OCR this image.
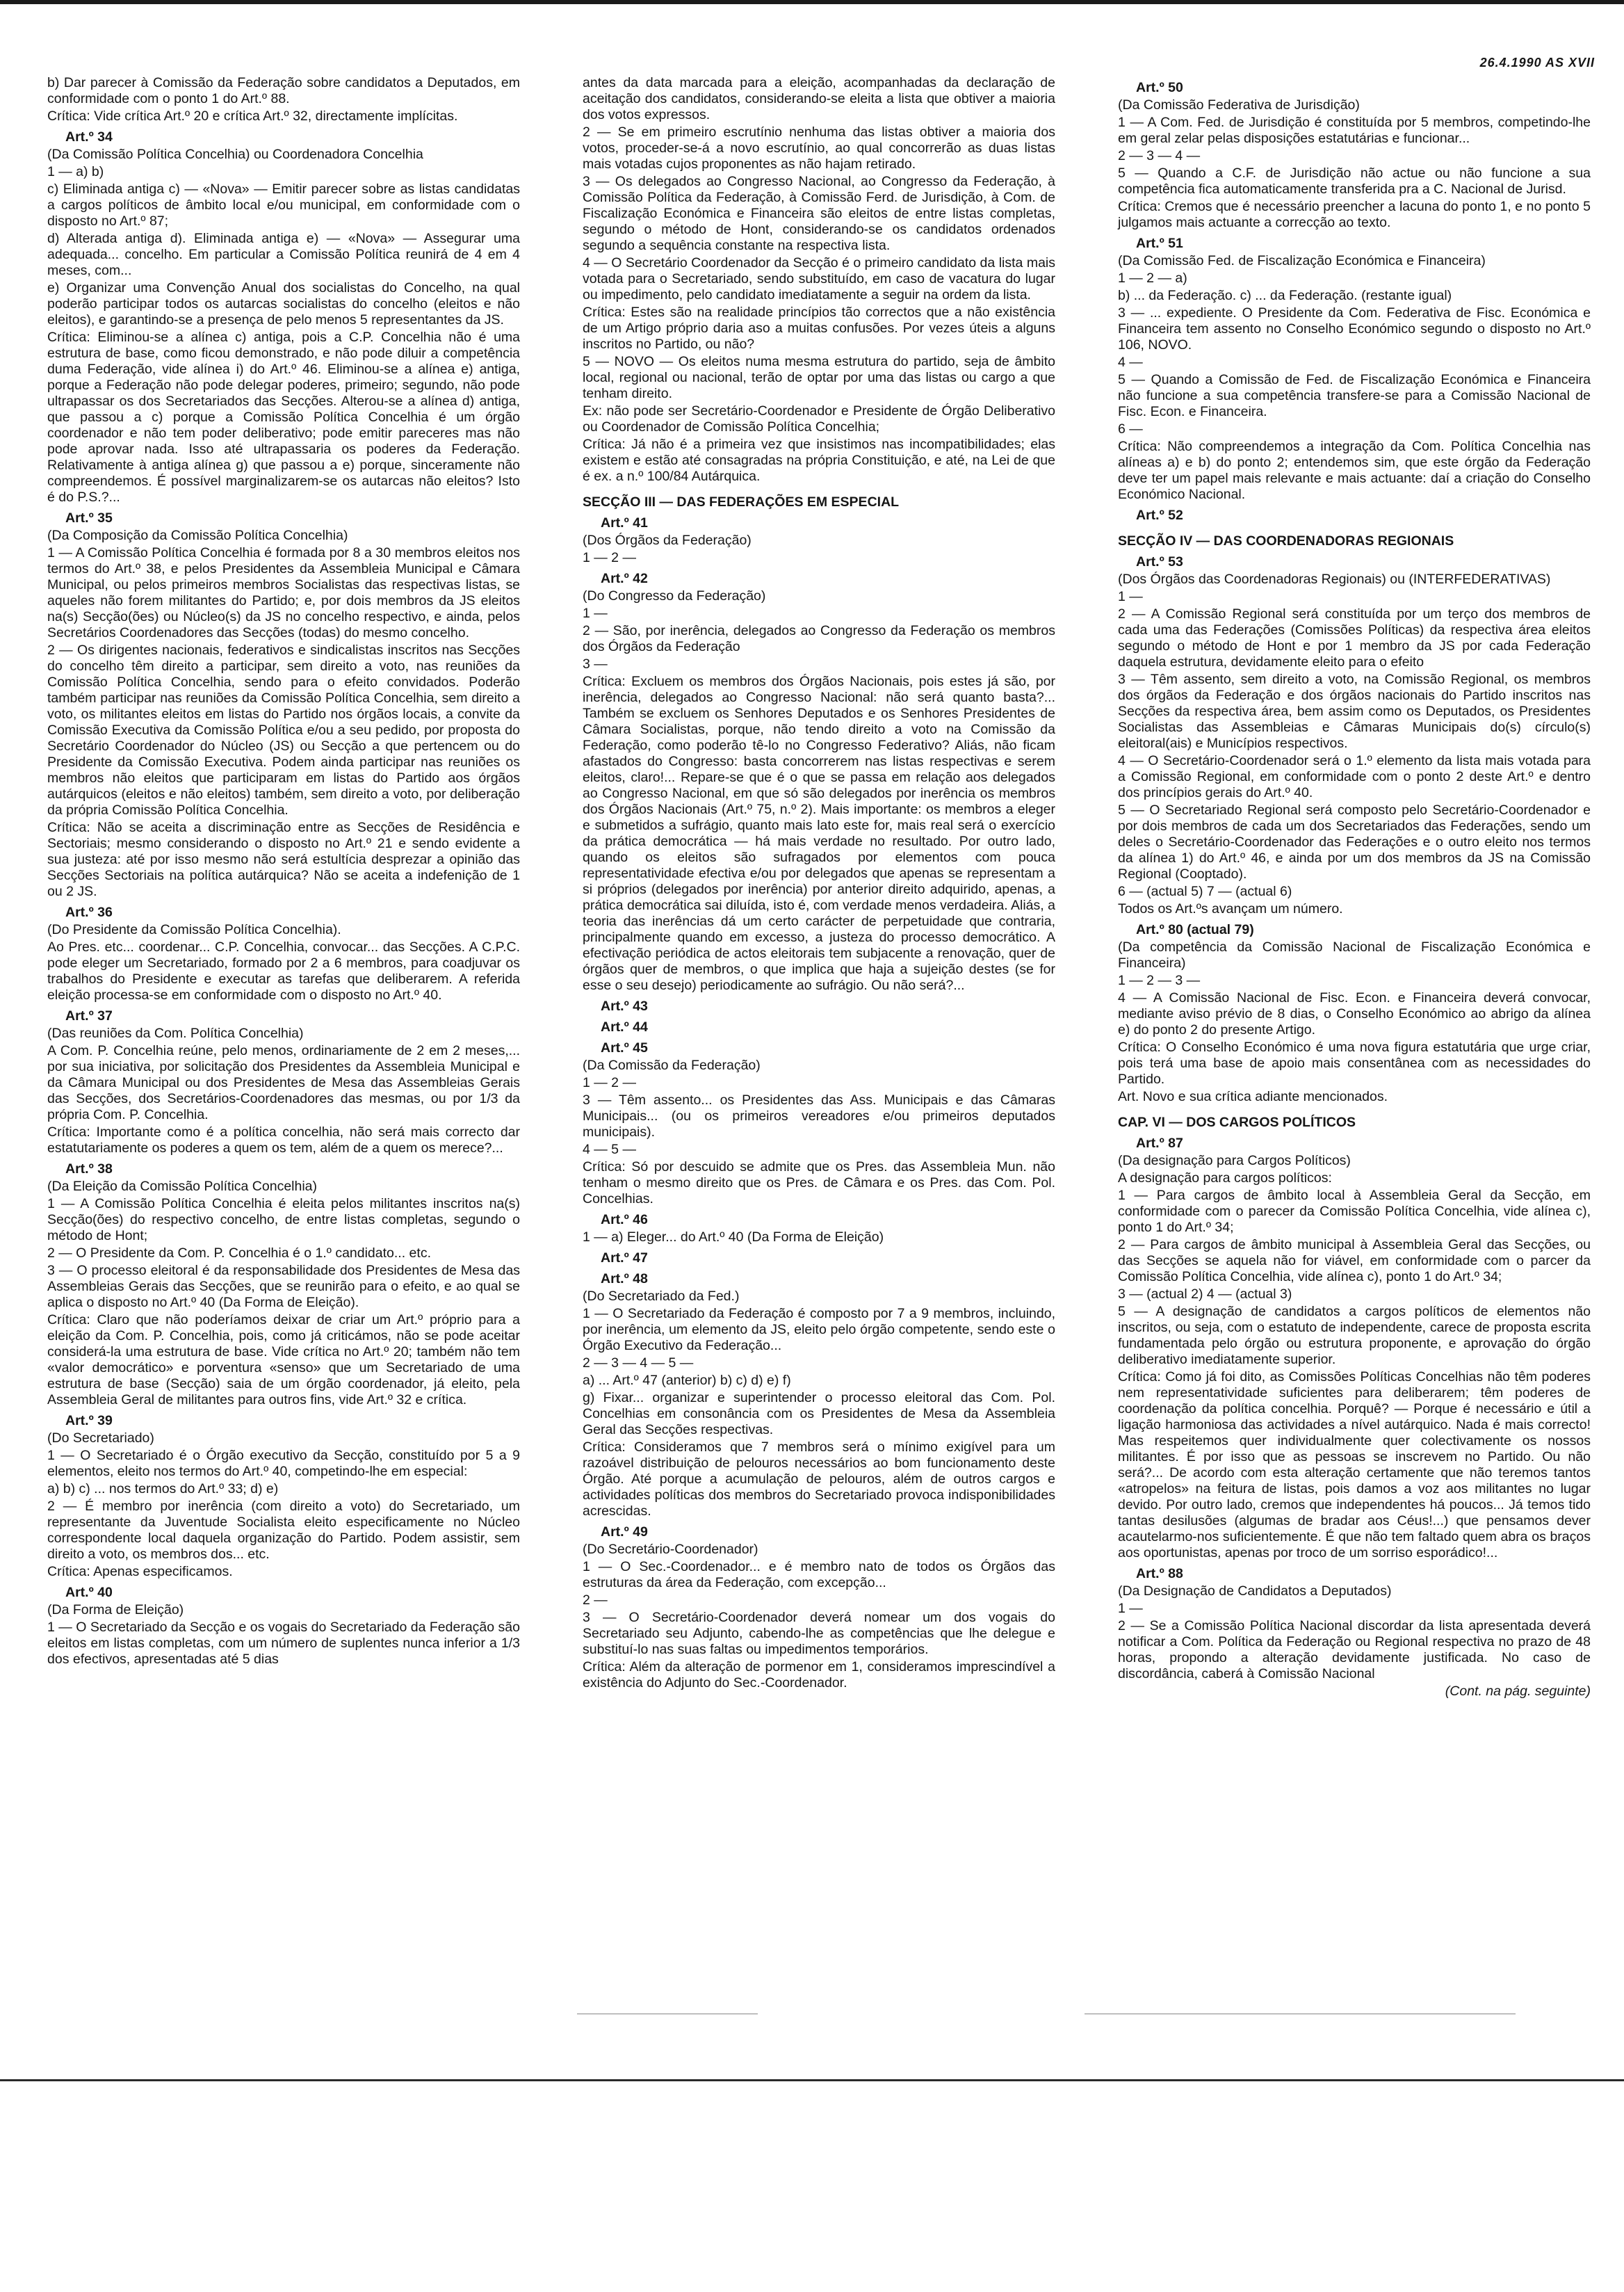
26.4.1990 AS XVII

b) Dar parecer à Comissão da Federação sobre candidatos a Deputados, em conformidade com o ponto 1 do Art.º 88.

Crítica: Vide crítica Art.º 20 e crítica Art.º 32, directamente implícitas.

Art.º 34

(Da Comissão Política Concelhia) ou Coordenadora Concelhia

1 — a) b)

c) Eliminada antiga c) — «Nova» — Emitir parecer sobre as listas candidatas a cargos políticos de âmbito local e/ou municipal, em conformidade com o disposto no Art.º 87;

d) Alterada antiga d). Eliminada antiga e) — «Nova» — Assegurar uma adequada... concelho. Em particular a Comissão Política reunirá de 4 em 4 meses, com...

e) Organizar uma Convenção Anual dos socialistas do Concelho, na qual poderão participar todos os autarcas socialistas do concelho (eleitos e não eleitos), e garantindo-se a presença de pelo menos 5 representantes da JS.

Crítica: Eliminou-se a alínea c) antiga, pois a C.P. Concelhia não é uma estrutura de base, como ficou demonstrado, e não pode diluir a competência duma Federação, vide alínea i) do Art.º 46. Eliminou-se a alínea e) antiga, porque a Federação não pode delegar poderes, primeiro; segundo, não pode ultrapassar os dos Secretariados das Secções. Alterou-se a alínea d) antiga, que passou a c) porque a Comissão Política Concelhia é um órgão coordenador e não tem poder deliberativo; pode emitir pareceres mas não pode aprovar nada. Isso até ultrapassaria os poderes da Federação. Relativamente à antiga alínea g) que passou a e) porque, sinceramente não compreendemos. É possível marginalizarem-se os autarcas não eleitos? Isto é do P.S.?...

Art.º 35

(Da Composição da Comissão Política Concelhia)

1 — A Comissão Política Concelhia é formada por 8 a 30 membros eleitos nos termos do Art.º 38, e pelos Presidentes da Assembleia Municipal e Câmara Municipal, ou pelos primeiros membros Socialistas das respectivas listas, se aqueles não forem militantes do Partido; e, por dois membros da JS eleitos na(s) Secção(ões) ou Núcleo(s) da JS no concelho respectivo, e ainda, pelos Secretários Coordenadores das Secções (todas) do mesmo concelho.

2 — Os dirigentes nacionais, federativos e sindicalistas inscritos nas Secções do concelho têm direito a participar, sem direito a voto, nas reuniões da Comissão Política Concelhia, sendo para o efeito convidados. Poderão também participar nas reuniões da Comissão Política Concelhia, sem direito a voto, os militantes eleitos em listas do Partido nos órgãos locais, a convite da Comissão Executiva da Comissão Política e/ou a seu pedido, por proposta do Secretário Coordenador do Núcleo (JS) ou Secção a que pertencem ou do Presidente da Comissão Executiva. Podem ainda participar nas reuniões os membros não eleitos que participaram em listas do Partido aos órgãos autárquicos (eleitos e não eleitos) também, sem direito a voto, por deliberação da própria Comissão Política Concelhia.

Crítica: Não se aceita a discriminação entre as Secções de Residência e Sectoriais; mesmo considerando o disposto no Art.º 21 e sendo evidente a sua justeza: até por isso mesmo não será estultícia desprezar a opinião das Secções Sectoriais na política autárquica? Não se aceita a indefenição de 1 ou 2 JS.

Art.º 36

(Do Presidente da Comissão Política Concelhia).

Ao Pres. etc... coordenar... C.P. Concelhia, convocar... das Secções. A C.P.C. pode eleger um Secretariado, formado por 2 a 6 membros, para coadjuvar os trabalhos do Presidente e executar as tarefas que deliberarem. A referida eleição processa-se em conformidade com o disposto no Art.º 40.

Art.º 37

(Das reuniões da Com. Política Concelhia)

A Com. P. Concelhia reúne, pelo menos, ordinariamente de 2 em 2 meses,... por sua iniciativa, por solicitação dos Presidentes da Assembleia Municipal e da Câmara Municipal ou dos Presidentes de Mesa das Assembleias Gerais das Secções, dos Secretários-Coordenadores das mesmas, ou por 1/3 da própria Com. P. Concelhia.

Crítica: Importante como é a política concelhia, não será mais correcto dar estatutariamente os poderes a quem os tem, além de a quem os merece?...

Art.º 38

(Da Eleição da Comissão Política Concelhia)

1 — A Comissão Política Concelhia é eleita pelos militantes inscritos na(s) Secção(ões) do respectivo concelho, de entre listas completas, segundo o método de Hont;

2 — O Presidente da Com. P. Concelhia é o 1.º candidato... etc.

3 — O processo eleitoral é da responsabilidade dos Presidentes de Mesa das Assembleias Gerais das Secções, que se reunirão para o efeito, e ao qual se aplica o disposto no Art.º 40 (Da Forma de Eleição).

Crítica: Claro que não poderíamos deixar de criar um Art.º próprio para a eleição da Com. P. Concelhia, pois, como já criticámos, não se pode aceitar considerá-la uma estrutura de base. Vide crítica no Art.º 20; também não tem «valor democrático» e porventura «senso» que um Secretariado de uma estrutura de base (Secção) saia de um órgão coordenador, já eleito, pela Assembleia Geral de militantes para outros fins, vide Art.º 32 e crítica.

Art.º 39

(Do Secretariado)

1 — O Secretariado é o Órgão executivo da Secção, constituído por 5 a 9 elementos, eleito nos termos do Art.º 40, competindo-lhe em especial:

a) b) c) ... nos termos do Art.º 33; d) e)

2 — É membro por inerência (com direito a voto) do Secretariado, um representante da Juventude Socialista eleito especificamente no Núcleo correspondente local daquela organização do Partido. Podem assistir, sem direito a voto, os membros dos... etc.

Crítica: Apenas especificamos.

Art.º 40

(Da Forma de Eleição)

1 — O Secretariado da Secção e os vogais do Secretariado da Federação são eleitos em listas completas, com um número de suplentes nunca inferior a 1/3 dos efectivos, apresentadas até 5 dias

antes da data marcada para a eleição, acompanhadas da declaração de aceitação dos candidatos, considerando-se eleita a lista que obtiver a maioria dos votos expressos.

2 — Se em primeiro escrutínio nenhuma das listas obtiver a maioria dos votos, proceder-se-á a novo escrutínio, ao qual concorrerão as duas listas mais votadas cujos proponentes as não hajam retirado.

3 — Os delegados ao Congresso Nacional, ao Congresso da Federação, à Comissão Política da Federação, à Comissão Ferd. de Jurisdição, à Com. de Fiscalização Económica e Financeira são eleitos de entre listas completas, segundo o método de Hont, considerando-se os candidatos ordenados segundo a sequência constante na respectiva lista.

4 — O Secretário Coordenador da Secção é o primeiro candidato da lista mais votada para o Secretariado, sendo substituído, em caso de vacatura do lugar ou impedimento, pelo candidato imediatamente a seguir na ordem da lista.

Crítica: Estes são na realidade princípios tão correctos que a não existência de um Artigo próprio daria aso a muitas confusões. Por vezes úteis a alguns inscritos no Partido, ou não?

5 — NOVO — Os eleitos numa mesma estrutura do partido, seja de âmbito local, regional ou nacional, terão de optar por uma das listas ou cargo a que tenham direito.

Ex: não pode ser Secretário-Coordenador e Presidente de Órgão Deliberativo ou Coordenador de Comissão Política Concelhia;

Crítica: Já não é a primeira vez que insistimos nas incompatibilidades; elas existem e estão até consagradas na própria Constituição, e até, na Lei de que é ex. a n.º 100/84 Autárquica.

SECÇÃO III — DAS FEDERAÇÕES EM ESPECIAL

Art.º 41

(Dos Órgãos da Federação)

1 — 2 —

Art.º 42

(Do Congresso da Federação)

1 —

2 — São, por inerência, delegados ao Congresso da Federação os membros dos Órgãos da Federação

3 —

Crítica: Excluem os membros dos Órgãos Nacionais, pois estes já são, por inerência, delegados ao Congresso Nacional: não será quanto basta?... Também se excluem os Senhores Deputados e os Senhores Presidentes de Câmara Socialistas, porque, não tendo direito a voto na Comissão da Federação, como poderão tê-lo no Congresso Federativo? Aliás, não ficam afastados do Congresso: basta concorrerem nas listas respectivas e serem eleitos, claro!... Repare-se que é o que se passa em relação aos delegados ao Congresso Nacional, em que só são delegados por inerência os membros dos Órgãos Nacionais (Art.º 75, n.º 2). Mais importante: os membros a eleger e submetidos a sufrágio, quanto mais lato este for, mais real será o exercício da prática democrática — há mais verdade no resultado. Por outro lado, quando os eleitos são sufragados por elementos com pouca representatividade efectiva e/ou por delegados que apenas se representam a si próprios (delegados por inerência) por anterior direito adquirido, apenas, a prática democrática sai diluída, isto é, com verdade menos verdadeira. Aliás, a teoria das inerências dá um certo carácter de perpetuidade que contraria, principalmente quando em excesso, a justeza do processo democrático. A efectivação periódica de actos eleitorais tem subjacente a renovação, quer de órgãos quer de membros, o que implica que haja a sujeição destes (se for esse o seu desejo) periodicamente ao sufrágio. Ou não será?...

Art.º 43

Art.º 44

Art.º 45

(Da Comissão da Federação)

1 — 2 —

3 — Têm assento... os Presidentes das Ass. Municipais e das Câmaras Municipais... (ou os primeiros vereadores e/ou primeiros deputados municipais).

4 — 5 —

Crítica: Só por descuido se admite que os Pres. das Assembleia Mun. não tenham o mesmo direito que os Pres. de Câmara e os Pres. das Com. Pol. Concelhias.

Art.º 46

1 — a) Eleger... do Art.º 40 (Da Forma de Eleição)

Art.º 47

Art.º 48

(Do Secretariado da Fed.)

1 — O Secretariado da Federação é composto por 7 a 9 membros, incluindo, por inerência, um elemento da JS, eleito pelo órgão competente, sendo este o Órgão Executivo da Federação...

2 — 3 — 4 — 5 —

a) ... Art.º 47 (anterior) b) c) d) e) f)

g) Fixar... organizar e superintender o processo eleitoral das Com. Pol. Concelhias em consonância com os Presidentes de Mesa da Assembleia Geral das Secções respectivas.

Crítica: Consideramos que 7 membros será o mínimo exigível para um razoável distribuição de pelouros necessários ao bom funcionamento deste Órgão. Até porque a acumulação de pelouros, além de outros cargos e actividades políticas dos membros do Secretariado provoca indisponibilidades acrescidas.

Art.º 49

(Do Secretário-Coordenador)

1 — O Sec.-Coordenador... e é membro nato de todos os Órgãos das estruturas da área da Federação, com excepção...

2 —

3 — O Secretário-Coordenador deverá nomear um dos vogais do Secretariado seu Adjunto, cabendo-lhe as competências que lhe delegue e substituí-lo nas suas faltas ou impedimentos temporários.

Crítica: Além da alteração de pormenor em 1, consideramos imprescindível a existência do Adjunto do Sec.-Coordenador.

Art.º 50

(Da Comissão Federativa de Jurisdição)

1 — A Com. Fed. de Jurisdição é constituída por 5 membros, competindo-lhe em geral zelar pelas disposições estatutárias e funcionar...

2 — 3 — 4 —

5 — Quando a C.F. de Jurisdição não actue ou não funcione a sua competência fica automaticamente transferida pra a C. Nacional de Jurisd.

Crítica: Cremos que é necessário preencher a lacuna do ponto 1, e no ponto 5 julgamos mais actuante a correcção ao texto.

Art.º 51

(Da Comissão Fed. de Fiscalização Económica e Financeira)

1 — 2 — a)

b) ... da Federação. c) ... da Federação. (restante igual)

3 — ... expediente. O Presidente da Com. Federativa de Fisc. Económica e Financeira tem assento no Conselho Económico segundo o disposto no Art.º 106, NOVO.

4 —

5 — Quando a Comissão de Fed. de Fiscalização Económica e Financeira não funcione a sua competência transfere-se para a Comissão Nacional de Fisc. Econ. e Financeira.

6 —

Crítica: Não compreendemos a integração da Com. Política Concelhia nas alíneas a) e b) do ponto 2; entendemos sim, que este órgão da Federação deve ter um papel mais relevante e mais actuante: daí a criação do Conselho Económico Nacional.

Art.º 52

SECÇÃO IV — DAS COORDENADORAS REGIONAIS

Art.º 53

(Dos Órgãos das Coordenadoras Regionais) ou (INTERFEDERATIVAS)

1 —

2 — A Comissão Regional será constituída por um terço dos membros de cada uma das Federações (Comissões Políticas) da respectiva área eleitos segundo o método de Hont e por 1 membro da JS por cada Federação daquela estrutura, devidamente eleito para o efeito

3 — Têm assento, sem direito a voto, na Comissão Regional, os membros dos órgãos da Federação e dos órgãos nacionais do Partido inscritos nas Secções da respectiva área, bem assim como os Deputados, os Presidentes Socialistas das Assembleias e Câmaras Municipais do(s) círculo(s) eleitoral(ais) e Municípios respectivos.

4 — O Secretário-Coordenador será o 1.º elemento da lista mais votada para a Comissão Regional, em conformidade com o ponto 2 deste Art.º e dentro dos princípios gerais do Art.º 40.

5 — O Secretariado Regional será composto pelo Secretário-Coordenador e por dois membros de cada um dos Secretariados das Federações, sendo um deles o Secretário-Coordenador das Federações e o outro eleito nos termos da alínea 1) do Art.º 46, e ainda por um dos membros da JS na Comissão Regional (Cooptado).

6 — (actual 5) 7 — (actual 6)

Todos os Art.ºs avançam um número.

Art.º 80 (actual 79)

(Da competência da Comissão Nacional de Fiscalização Económica e Financeira)

1 — 2 — 3 —

4 — A Comissão Nacional de Fisc. Econ. e Financeira deverá convocar, mediante aviso prévio de 8 dias, o Conselho Económico ao abrigo da alínea e) do ponto 2 do presente Artigo.

Crítica: O Conselho Económico é uma nova figura estatutária que urge criar, pois terá uma base de apoio mais consentânea com as necessidades do Partido.

Art. Novo e sua crítica adiante mencionados.

CAP. VI — DOS CARGOS POLÍTICOS

Art.º 87

(Da designação para Cargos Políticos)

A designação para cargos políticos:

1 — Para cargos de âmbito local à Assembleia Geral da Secção, em conformidade com o parecer da Comissão Política Concelhia, vide alínea c), ponto 1 do Art.º 34;

2 — Para cargos de âmbito municipal à Assembleia Geral das Secções, ou das Secções se aquela não for viável, em conformidade com o parcer da Comissão Política Concelhia, vide alínea c), ponto 1 do Art.º 34;

3 — (actual 2) 4 — (actual 3)

5 — A designação de candidatos a cargos políticos de elementos não inscritos, ou seja, com o estatuto de independente, carece de proposta escrita fundamentada pelo órgão ou estrutura proponente, e aprovação do órgão deliberativo imediatamente superior.

Crítica: Como já foi dito, as Comissões Políticas Concelhias não têm poderes nem representatividade suficientes para deliberarem; têm poderes de coordenação da política concelhia. Porquê? — Porque é necessário e útil a ligação harmoniosa das actividades a nível autárquico. Nada é mais correcto! Mas respeitemos quer individualmente quer colectivamente os nossos militantes. É por isso que as pessoas se inscrevem no Partido. Ou não será?... De acordo com esta alteração certamente que não teremos tantos «atropelos» na feitura de listas, pois damos a voz aos militantes no lugar devido. Por outro lado, cremos que independentes há poucos... Já temos tido tantas desilusões (algumas de bradar aos Céus!...) que pensamos dever acautelarmo-nos suficientemente. É que não tem faltado quem abra os braços aos oportunistas, apenas por troco de um sorriso esporádico!...

Art.º 88

(Da Designação de Candidatos a Deputados)

1 —

2 — Se a Comissão Política Nacional discordar da lista apresentada deverá notificar a Com. Política da Federação ou Regional respectiva no prazo de 48 horas, propondo a alteração devidamente justificada. No caso de discordância, caberá à Comissão Nacional

(Cont. na pág. seguinte)
